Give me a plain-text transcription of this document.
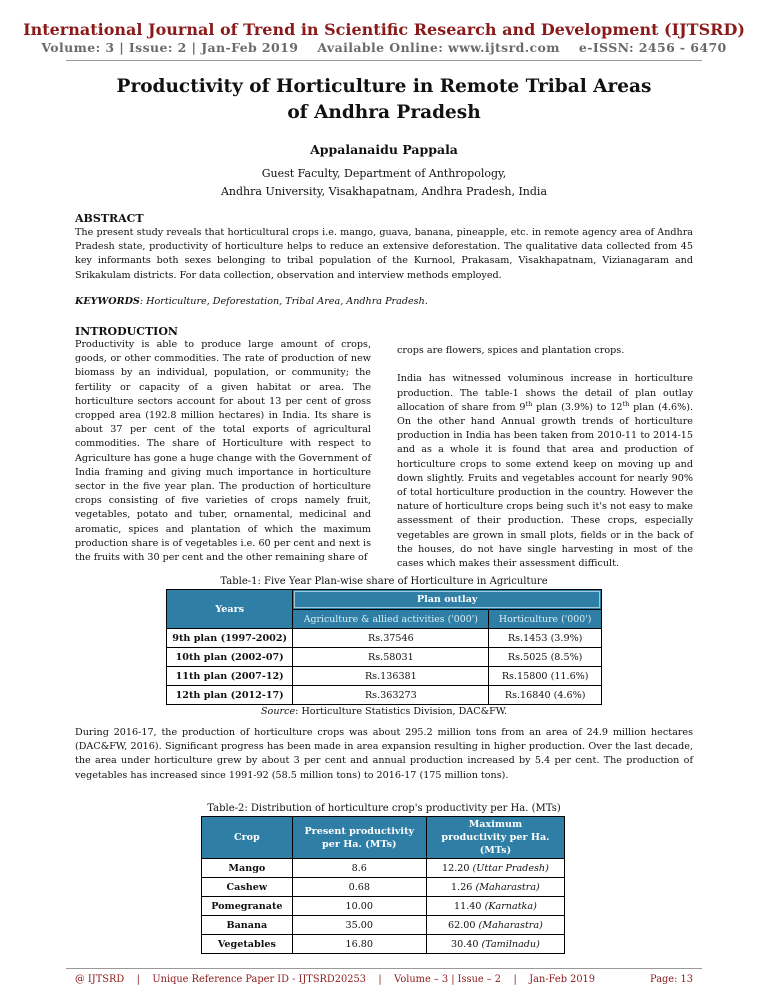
International Journal of Trend in Scientific Research and Development (IJTSRD)
Volume: 3 | Issue: 2 | Jan-Feb 2019    Available Online: www.ijtsrd.com    e-ISSN: 2456 - 6470
Productivity of Horticulture in Remote Tribal Areas
of Andhra Pradesh
Appalanaidu Pappala
Guest Faculty, Department of Anthropology,
Andhra University, Visakhapatnam, Andhra Pradesh, India
ABSTRACT
The present study reveals that horticultural crops i.e. mango, guava, banana, pineapple, etc. in remote agency area of Andhra Pradesh state, productivity of horticulture helps to reduce an extensive deforestation. The qualitative data collected from 45 key informants both sexes belonging to tribal population of the Kurnool, Prakasam, Visakhapatnam, Vizianagaram and Srikakulam districts. For data collection, observation and interview methods employed.
KEYWORDS: Horticulture, Deforestation, Tribal Area, Andhra Pradesh.
INTRODUCTION
Productivity is able to produce large amount of crops, goods, or other commodities. The rate of production of new biomass by an individual, population, or community; the fertility or capacity of a given habitat or area. The horticulture sectors account for about 13 per cent of gross cropped area (192.8 million hectares) in India. Its share is about 37 per cent of the total exports of agricultural commodities. The share of Horticulture with respect to Agriculture has gone a huge change with the Government of India framing and giving much importance in horticulture sector in the five year plan. The production of horticulture crops consisting of five varieties of crops namely fruit, vegetables, potato and tuber, ornamental, medicinal and aromatic, spices and plantation of which the maximum production share is of vegetables i.e. 60 per cent and next is the fruits with 30 per cent and the other remaining share of
crops are flowers, spices and plantation crops.
India has witnessed voluminous increase in horticulture production. The table-1 shows the detail of plan outlay allocation of share from 9th plan (3.9%) to 12th plan (4.6%). On the other hand Annual growth trends of horticulture production in India has been taken from 2010-11 to 2014-15 and as a whole it is found that area and production of horticulture crops to some extend keep on moving up and down slightly. Fruits and vegetables account for nearly 90% of total horticulture production in the country. However the nature of horticulture crops being such it's not easy to make assessment of their production. These crops, especially vegetables are grown in small plots, fields or in the back of the houses, do not have single harvesting in most of the cases which makes their assessment difficult.
Table-1: Five Year Plan-wise share of Horticulture in Agriculture
Years	Plan outlay	

	Agriculture & allied activities ('000')	Horticulture ('000')
9th plan (1997-2002)	Rs.37546	Rs.1453 (3.9%)
10th plan (2002-07)	Rs.58031	Rs.5025 (8.5%)
11th plan (2007-12)	Rs.136381	Rs.15800 (11.6%)
12th plan (2012-17)	Rs.363273	Rs.16840 (4.6%)
Source: Horticulture Statistics Division, DAC&FW.
During 2016-17, the production of horticulture crops was about 295.2 million tons from an area of 24.9 million hectares (DAC&FW, 2016). Significant progress has been made in area expansion resulting in higher production. Over the last decade, the area under horticulture grew by about 3 per cent and annual production increased by 5.4 per cent. The production of vegetables has increased since 1991-92 (58.5 million tons) to 2016-17 (175 million tons).
Table-2: Distribution of horticulture crop's productivity per Ha. (MTs)
Crop	Present productivity per Ha. (MTs)	Maximum productivity per Ha.(MTs)
Mango	8.6	12.20 (Uttar Pradesh)
Cashew	0.68	1.26 (Maharastra)
Pomegranate	10.00	11.40 (Karnatka)
Banana	35.00	62.00 (Maharastra)
Vegetables	16.80	30.40 (Tamilnadu)
@ IJTSRD    |    Unique Reference Paper ID - IJTSRD20253    |    Volume – 3 | Issue – 2    |    Jan-Feb 2019	Page: 13
